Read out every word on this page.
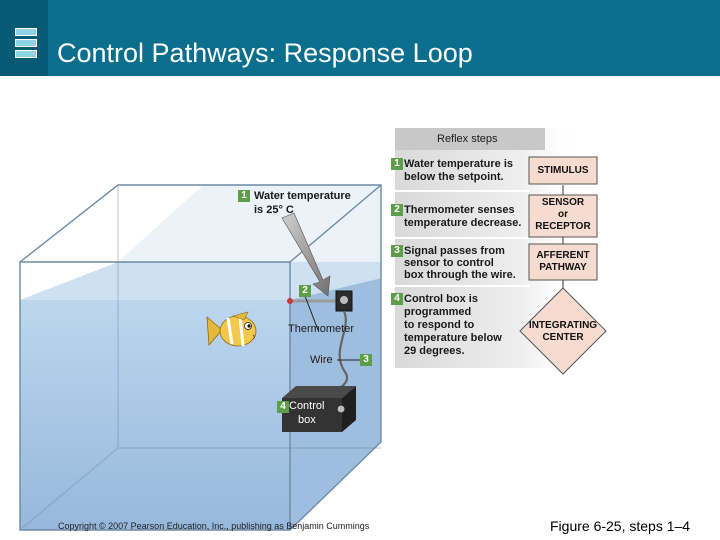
Control Pathways: Response Loop
Reflex steps
1 Water temperature is
below the setpoint.
2 Thermometer senses
temperature decrease.
3 Signal passes from
sensor to control
box through the wire.
4 Control box is
programmed
to respond to
temperature below
29 degrees.
STIMULUS
SENSOR
or
RECEPTOR
AFFERENT
PATHWAY
INTEGRATING
CENTER
1 Water temperature
is 25° C
2
Thermometer
Wire	3
4 Control
box
Copyright © 2007 Pearson Education, Inc., publishing as Benjamin Cummings	Figure 6-25, steps 1–4
